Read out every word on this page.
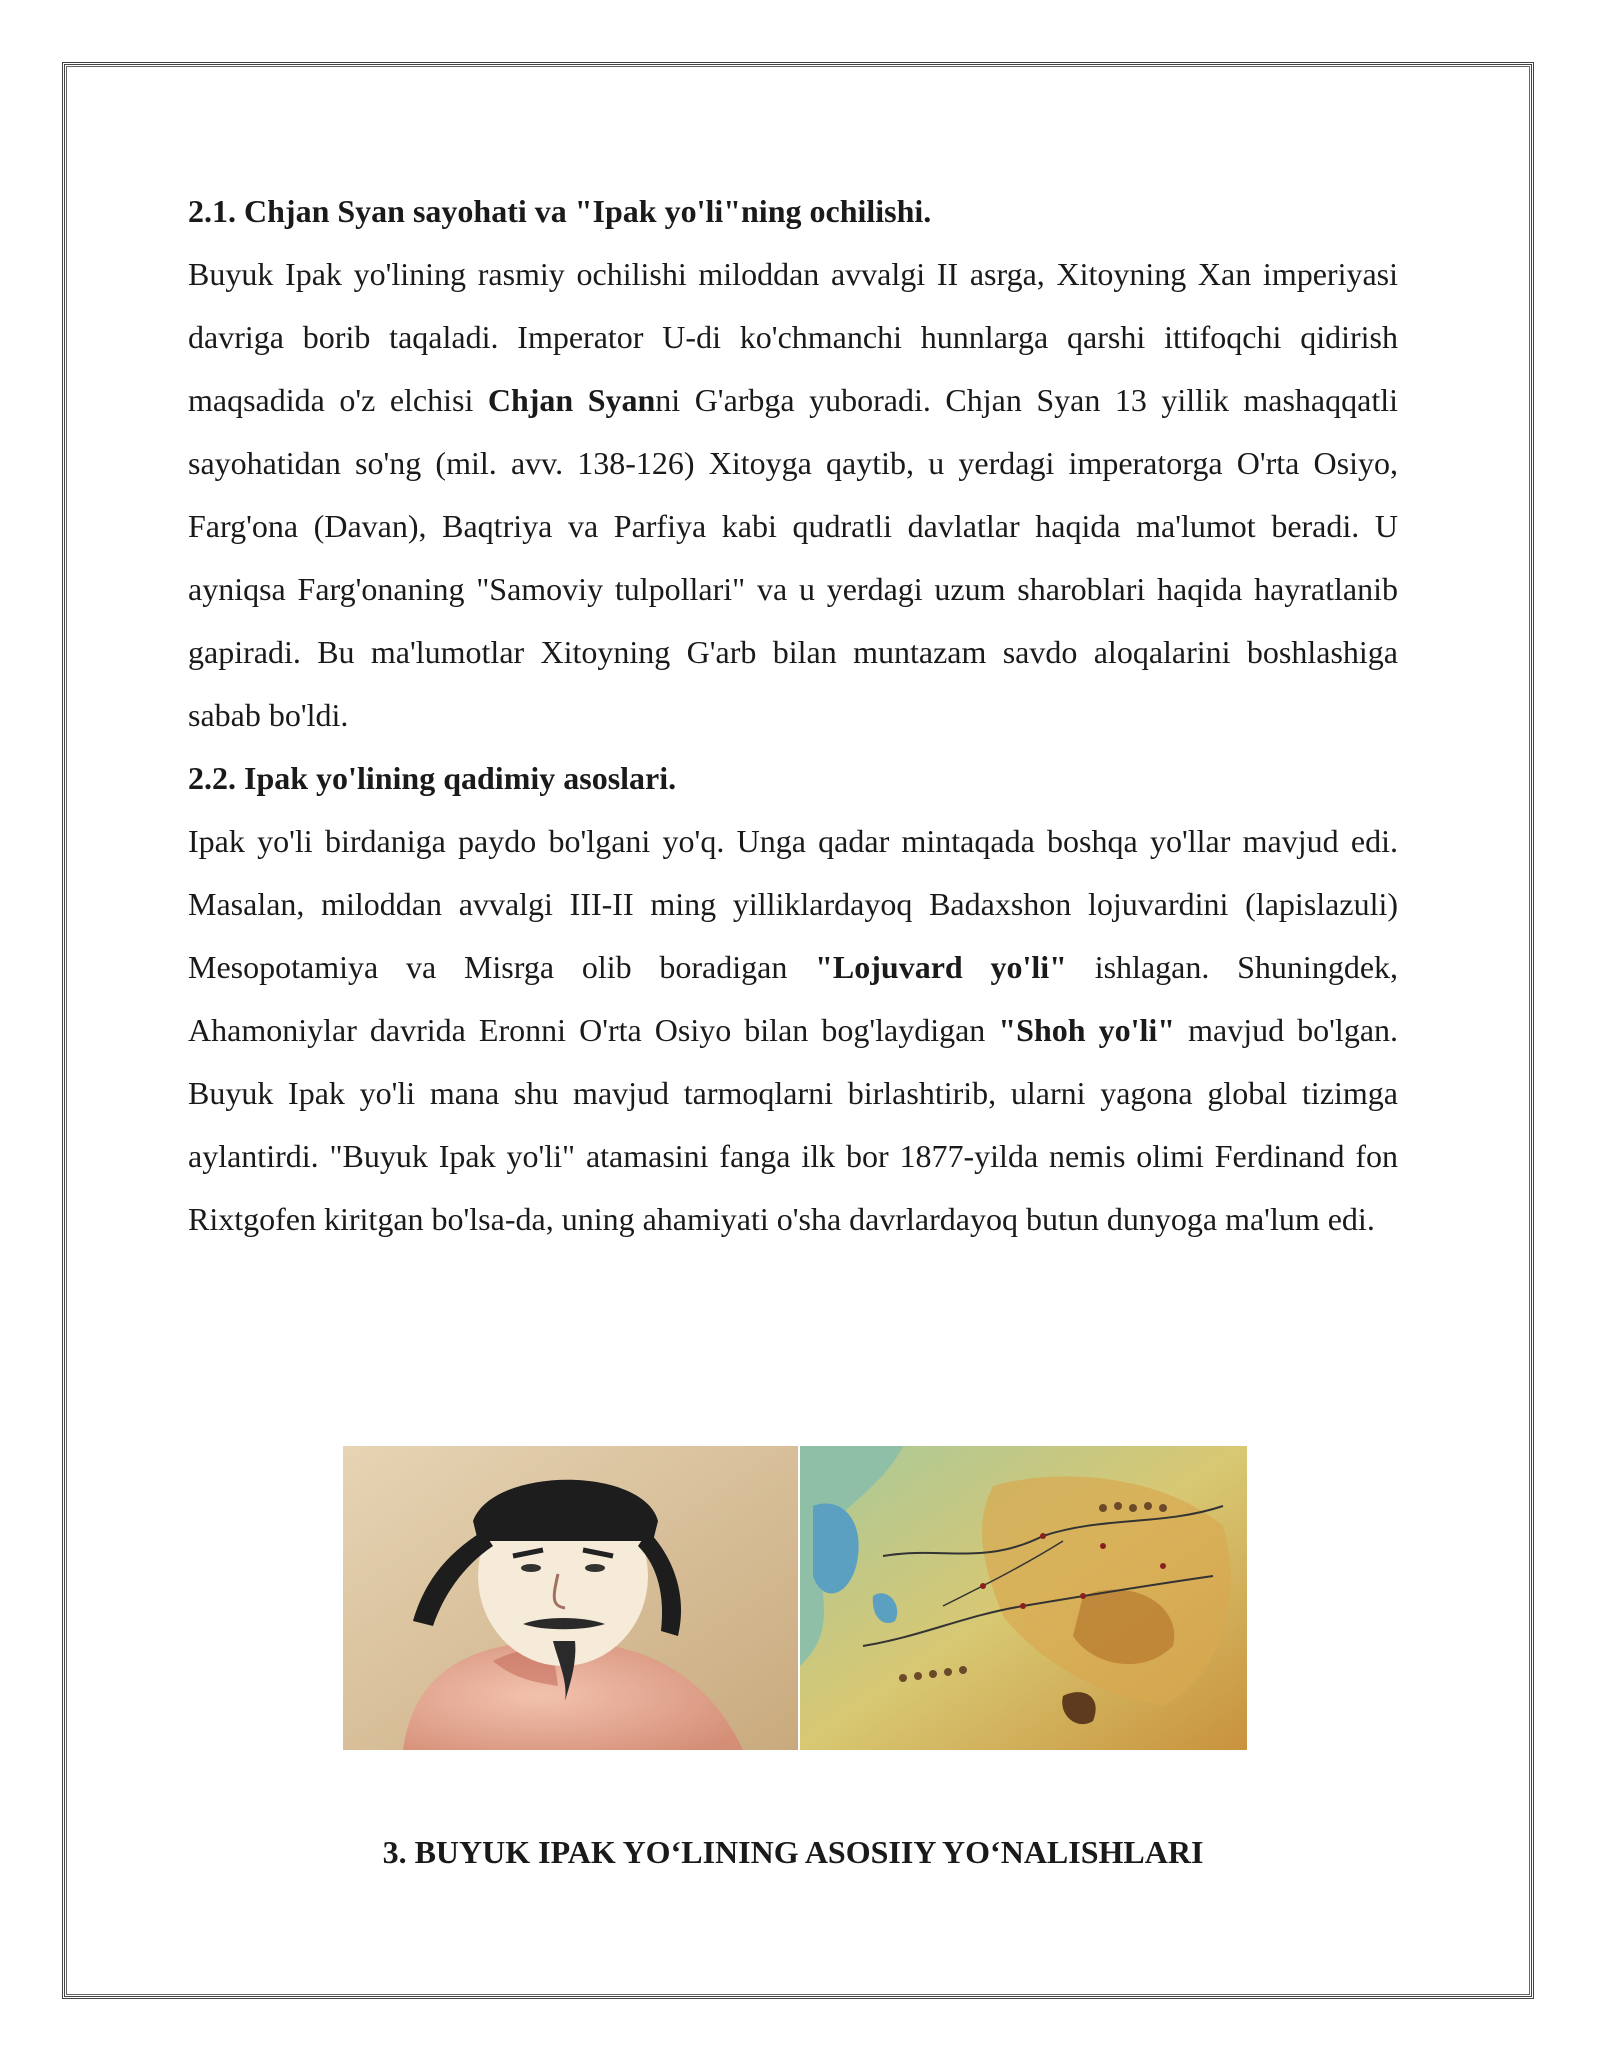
2.1. Chjan Syan sayohati va "Ipak yo'li"ning ochilishi.

Buyuk Ipak yo'lining rasmiy ochilishi miloddan avvalgi II asrga, Xitoyning Xan imperiyasi davriga borib taqaladi. Imperator U-di ko'chmanchi hunnlarga qarshi ittifoqchi qidirish maqsadida o'z elchisi Chjan Syanni G'arbga yuboradi. Chjan Syan 13 yillik mashaqqatli sayohatidan so'ng (mil. avv. 138-126) Xitoyga qaytib, u yerdagi imperatorga O'rta Osiyo, Farg'ona (Davan), Baqtriya va Parfiya kabi qudratli davlatlar haqida ma'lumot beradi. U ayniqsa Farg'onaning "Samoviy tulpollari" va u yerdagi uzum sharoblari haqida hayratlanib gapiradi. Bu ma'lumotlar Xitoyning G'arb bilan muntazam savdo aloqalarini boshlashiga sabab bo'ldi.

2.2. Ipak yo'lining qadimiy asoslari.

Ipak yo'li birdaniga paydo bo'lgani yo'q. Unga qadar mintaqada boshqa yo'llar mavjud edi. Masalan, miloddan avvalgi III-II ming yilliklardayoq Badaxshon lojuvardini (lapislazuli) Mesopotamiya va Misrga olib boradigan "Lojuvard yo'li" ishlagan. Shuningdek, Ahamoniylar davrida Eronni O'rta Osiyo bilan bog'laydigan "Shoh yo'li" mavjud bo'lgan. Buyuk Ipak yo'li mana shu mavjud tarmoqlarni birlashtirib, ularni yagona global tizimga aylantirdi. "Buyuk Ipak yo'li" atamasini fanga ilk bor 1877-yilda nemis olimi Ferdinand fon Rixtgofen kiritgan bo'lsa-da, uning ahamiyati o'sha davrlardayoq butun dunyoga ma'lum edi.

3. BUYUK IPAK YO‘LINING ASOSIIY YO‘NALISHLARI
